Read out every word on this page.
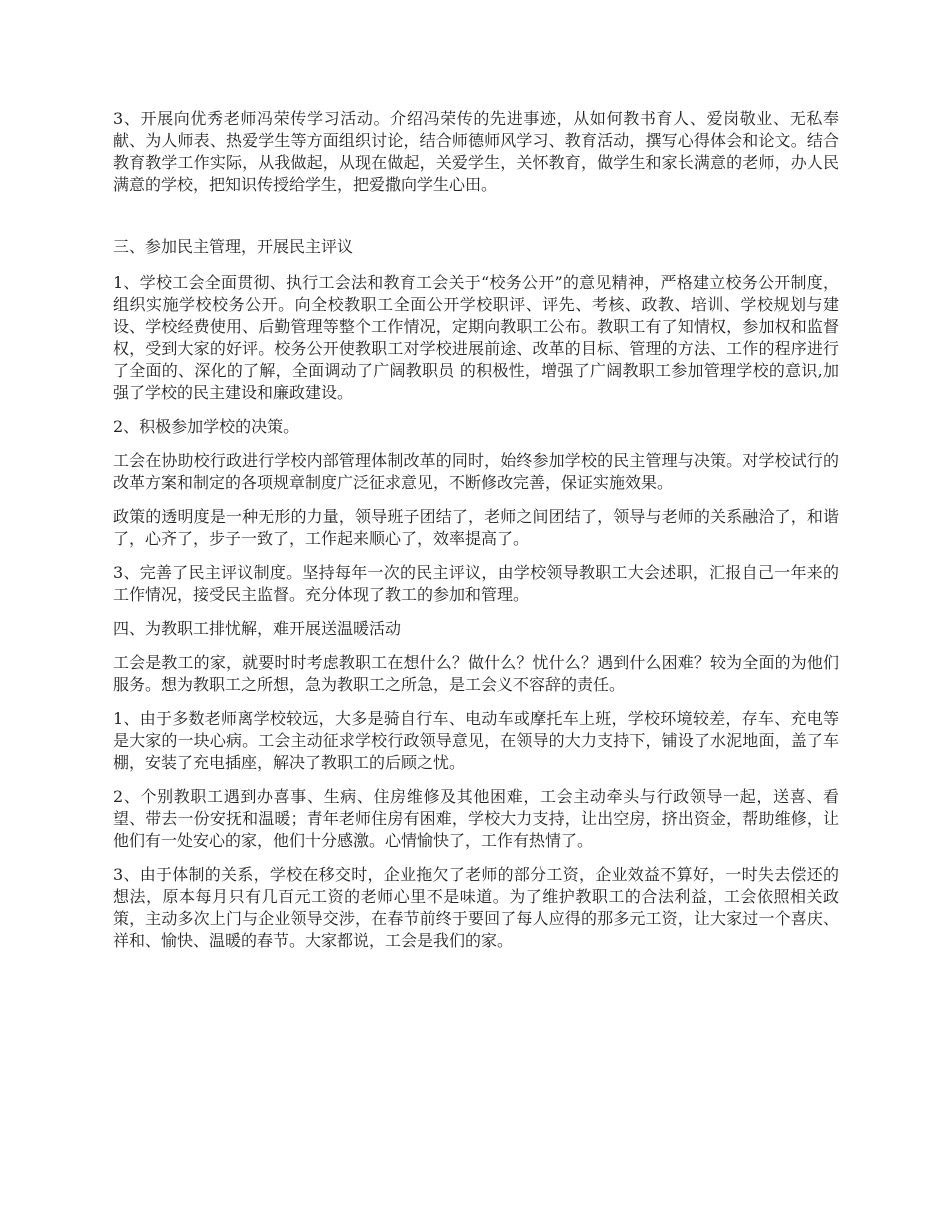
3、开展向优秀老师冯荣传学习活动。介绍冯荣传的先进事迹，从如何教书育人、爱岗敬业、无私奉献、为人师表、热爱学生等方面组织讨论，结合师德师风学习、教育活动，撰写心得体会和论文。结合教育教学工作实际，从我做起，从现在做起，关爱学生，关怀教育，做学生和家长满意的老师，办人民满意的学校，把知识传授给学生，把爱撒向学生心田。

三、参加民主管理，开展民主评议

1、学校工会全面贯彻、执行工会法和教育工会关于“校务公开”的意见精神，严格建立校务公开制度，组织实施学校校务公开。向全校教职工全面公开学校职评、评先、考核、政教、培训、学校规划与建设、学校经费使用、后勤管理等整个工作情况，定期向教职工公布。教职工有了知情权，参加权和监督权，受到大家的好评。校务公开使教职工对学校进展前途、改革的目标、管理的方法、工作的程序进行了全面的、深化的了解，全面调动了广阔教职员 的积极性，增强了广阔教职工参加管理学校的意识,加强了学校的民主建设和廉政建设。

2、积极参加学校的决策。

工会在协助校行政进行学校内部管理体制改革的同时，始终参加学校的民主管理与决策。对学校试行的改革方案和制定的各项规章制度广泛征求意见，不断修改完善，保证实施效果。

政策的透明度是一种无形的力量，领导班子团结了，老师之间团结了，领导与老师的关系融洽了，和谐了，心齐了，步子一致了，工作起来顺心了，效率提高了。

3、完善了民主评议制度。坚持每年一次的民主评议，由学校领导教职工大会述职，汇报自己一年来的工作情况，接受民主监督。充分体现了教工的参加和管理。

四、为教职工排忧解，难开展送温暖活动

工会是教工的家，就要时时考虑教职工在想什么？做什么？忧什么？遇到什么困难？较为全面的为他们服务。想为教职工之所想，急为教职工之所急，是工会义不容辞的责任。

1、由于多数老师离学校较远，大多是骑自行车、电动车或摩托车上班，学校环境较差，存车、充电等是大家的一块心病。工会主动征求学校行政领导意见，在领导的大力支持下，铺设了水泥地面，盖了车棚，安装了充电插座，解决了教职工的后顾之忧。

2、个别教职工遇到办喜事、生病、住房维修及其他困难，工会主动牵头与行政领导一起，送喜、看望、带去一份安抚和温暖；青年老师住房有困难，学校大力支持，让出空房，挤出资金，帮助维修，让他们有一处安心的家，他们十分感激。心情愉快了，工作有热情了。

3、由于体制的关系，学校在移交时，企业拖欠了老师的部分工资，企业效益不算好，一时失去偿还的想法，原本每月只有几百元工资的老师心里不是味道。为了维护教职工的合法利益，工会依照相关政策，主动多次上门与企业领导交涉，在春节前终于要回了每人应得的那多元工资，让大家过一个喜庆、祥和、愉快、温暖的春节。大家都说，工会是我们的家。
